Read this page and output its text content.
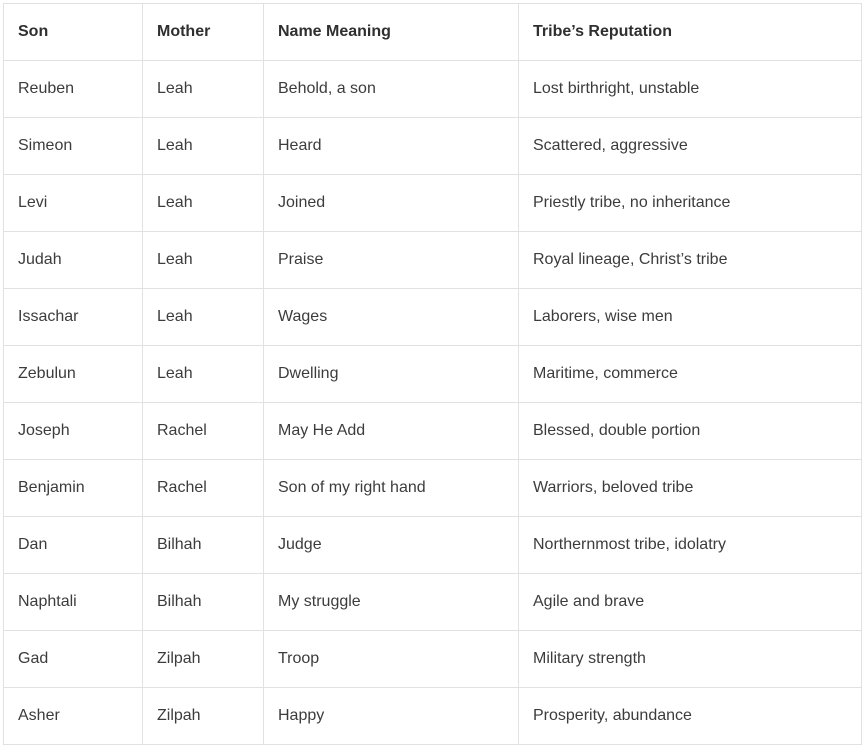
Son	Mother	Name Meaning	Tribe’s Reputation
Reuben	Leah	Behold, a son	Lost birthright, unstable
Simeon	Leah	Heard	Scattered, aggressive
Levi	Leah	Joined	Priestly tribe, no inheritance
Judah	Leah	Praise	Royal lineage, Christ’s tribe
Issachar	Leah	Wages	Laborers, wise men
Zebulun	Leah	Dwelling	Maritime, commerce
Joseph	Rachel	May He Add	Blessed, double portion
Benjamin	Rachel	Son of my right hand	Warriors, beloved tribe
Dan	Bilhah	Judge	Northernmost tribe, idolatry
Naphtali	Bilhah	My struggle	Agile and brave
Gad	Zilpah	Troop	Military strength
Asher	Zilpah	Happy	Prosperity, abundance
